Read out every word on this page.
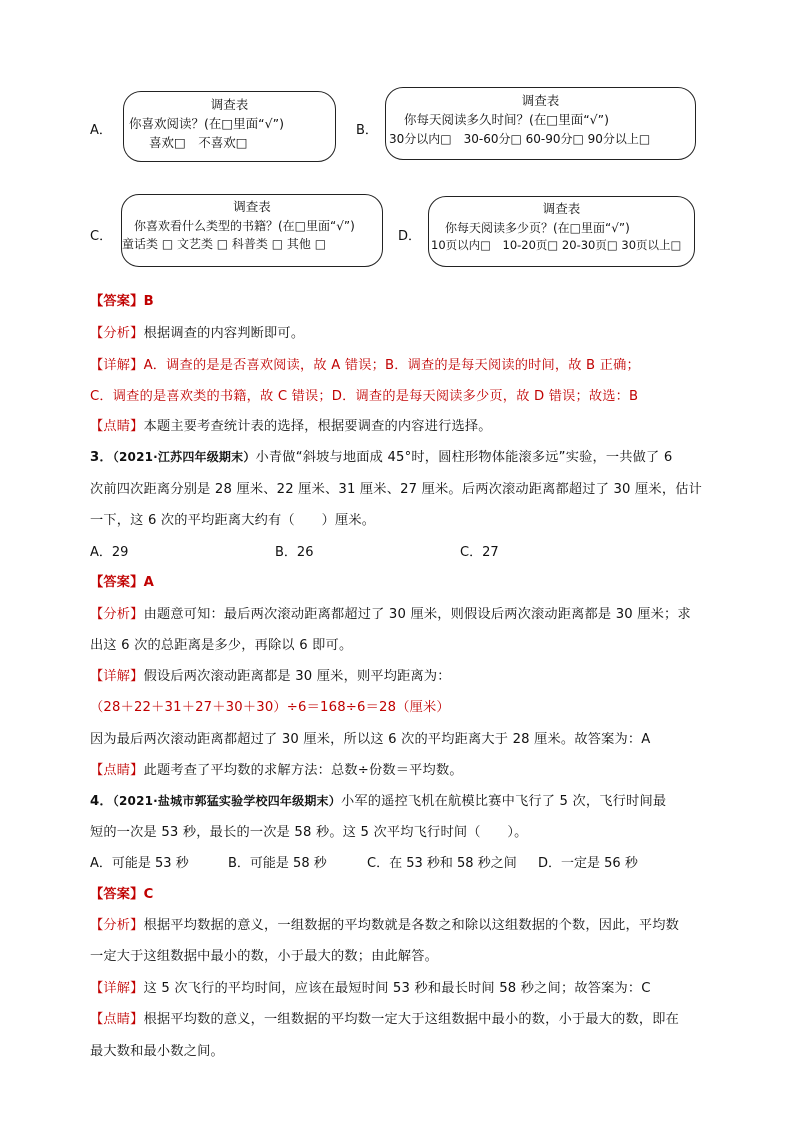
A．
调查表
你喜欢阅读？(在□里面“√”)
喜欢□　不喜欢□
B．
调查表
你每天阅读多久时间？(在□里面“√”)
30分以内□　30-60分□ 60-90分□ 90分以上□
C．
调查表
你喜欢看什么类型的书籍？(在□里面“√”)
童话类 □ 文艺类 □ 科普类 □ 其他 □	D．
调查表
你每天阅读多少页？(在□里面“√”)
10页以内□　10-20页□ 20-30页□ 30页以上□
【答案】B
【分析】根据调查的内容判断即可。
【详解】A．调查的是是否喜欢阅读，故 A 错误；B．调查的是每天阅读的时间，故 B 正确；
C．调查的是喜欢类的书籍，故 C 错误；D．调查的是每天阅读多少页，故 D 错误；故选：B
【点睛】本题主要考查统计表的选择，根据要调查的内容进行选择。
3．（2021·江苏四年级期末）小青做“斜坡与地面成 45°时，圆柱形物体能滚多远”实验，一共做了 6
次前四次距离分别是 28 厘米、22 厘米、31 厘米、27 厘米。后两次滚动距离都超过了 30 厘米，估计
一下，这 6 次的平均距离大约有（　　）厘米。
A．29	B．26	C．27
【答案】A
【分析】由题意可知：最后两次滚动距离都超过了 30 厘米，则假设后两次滚动距离都是 30 厘米；求
出这 6 次的总距离是多少，再除以 6 即可。
【详解】假设后两次滚动距离都是 30 厘米，则平均距离为：
（28＋22＋31＋27＋30＋30）÷6＝168÷6＝28（厘米）
因为最后两次滚动距离都超过了 30 厘米，所以这 6 次的平均距离大于 28 厘米。故答案为：A
【点睛】此题考查了平均数的求解方法：总数÷份数＝平均数。
4．（2021·盐城市郭猛实验学校四年级期末）小军的遥控飞机在航模比赛中飞行了 5 次，飞行时间最
短的一次是 53 秒，最长的一次是 58 秒。这 5 次平均飞行时间（　　）。
A．可能是 53 秒	B．可能是 58 秒	C．在 53 秒和 58 秒之间 D．一定是 56 秒
【答案】C
【分析】根据平均数据的意义，一组数据的平均数就是各数之和除以这组数据的个数，因此，平均数
一定大于这组数据中最小的数，小于最大的数；由此解答。
【详解】这 5 次飞行的平均时间，应该在最短时间 53 秒和最长时间 58 秒之间；故答案为：C
【点睛】根据平均数的意义，一组数据的平均数一定大于这组数据中最小的数，小于最大的数，即在
最大数和最小数之间。
